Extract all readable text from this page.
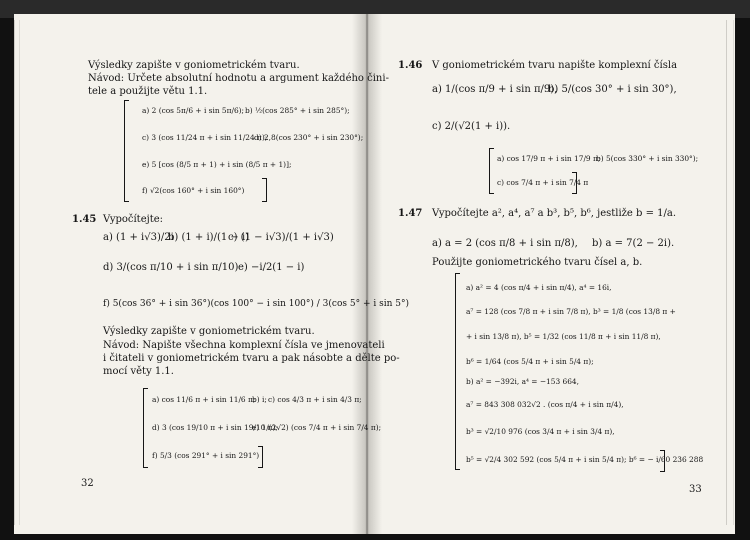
Výsledky zapište v goniometrickém tvaru.
Návod: Určete absolutní hodnotu a argument každého čini-
tele a použijte větu 1.1.
a) 2 (cos 5π/6 + i sin 5π/6); b) ½(cos 285° + i sin 285°);
c) 3 (cos 11/24 π + i sin 11/24 π);
d) 2,8(cos 230° + i sin 230°);
e) 5 [cos (8/5 π + 1) + i sin (8/5 π + 1)];
f) √2(cos 160° + i sin 160°)
1.45 Vypočítejte:
a) (1 + i√3)/2i
b) (1 + i)/(1 − i)
c) (1 − i√3)/(1 + i√3)
d) 3/(cos π/10 + i sin π/10) e) −i/2(1 − i)
f) 5(cos 36° + i sin 36°)(cos 100° − i sin 100°) / 3(cos 5° + i sin 5°)
Výsledky zapište v goniometrickém tvaru.
Návod: Napište všechna komplexní čísla ve jmenovateli
i čitateli v goniometrickém tvaru a pak násobte a dělte po-
mocí věty 1.1.
a) cos 11/6 π + i sin 11/6 π;
b) i; c) cos 4/3 π + i sin 4/3 π;
d) 3 (cos 19/10 π + i sin 19/10 π);
e) 1/(2√2) (cos 7/4 π + i sin 7/4 π);
f) 5/3 (cos 291° + i sin 291°)
32
1.46 V goniometrickém tvaru napište komplexní čísla
a) 1/(cos π/9 + i sin π/9),
b) 5/(cos 30° + i sin 30°),
c) 2/(√2(1 + i)).
a) cos 17/9 π + i sin 17/9 π;
b) 5(cos 330° + i sin 330°);
c) cos 7/4 π + i sin 7/4 π
1.47 Vypočítejte a², a⁴, a⁷ a b³, b⁵, b⁶, jestliže b = 1/a.
a) a = 2 (cos π/8 + i sin π/8), b) a = 7(2 − 2i).
Použijte goniometrického tvaru čísel a, b.
a) a² = 4 (cos π/4 + i sin π/4), a⁴ = 16i,
a⁷ = 128 (cos 7/8 π + i sin 7/8 π), b³ = 1/8 (cos 13/8 π +
+ i sin 13/8 π), b⁵ = 1/32 (cos 11/8 π + i sin 11/8 π),
b⁶ = 1/64 (cos 5/4 π + i sin 5/4 π);
b) a² = −392i, a⁴ = −153 664,
a⁷ = 843 308 032√2 . (cos π/4 + i sin π/4),
b³ = √2/10 976 (cos 3/4 π + i sin 3/4 π),
b⁵ = √2/4 302 592 (cos 5/4 π + i sin 5/4 π); b⁶ = − i/60 236 288
33
